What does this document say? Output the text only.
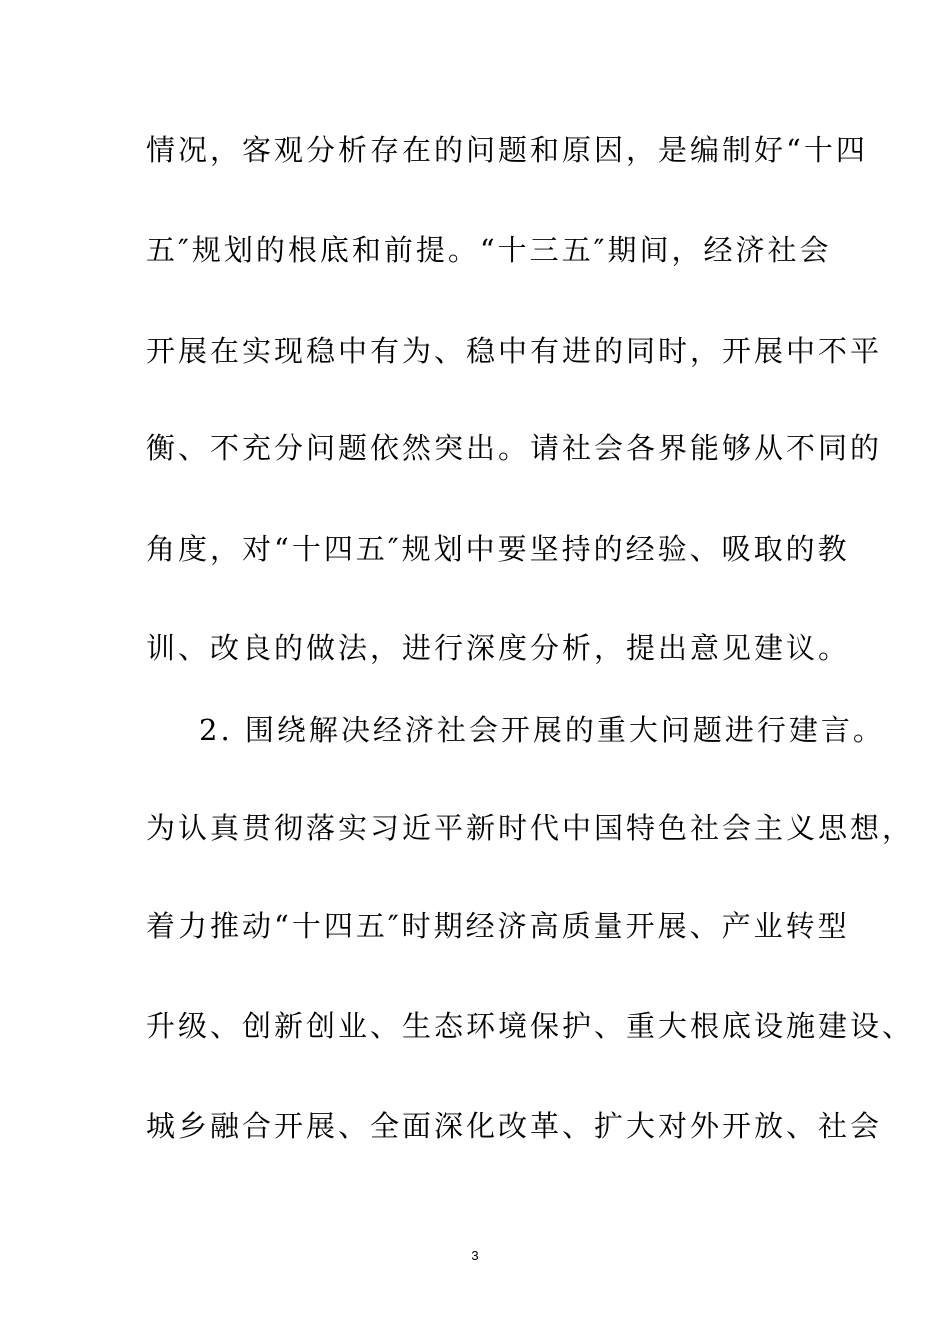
情况，客观分析存在的问题和原因，是编制好“十四
五″规划的根底和前提。“十三五″期间，经济社会
开展在实现稳中有为、稳中有进的同时，开展中不平
衡、不充分问题依然突出。请社会各界能够从不同的
角度，对“十四五″规划中要坚持的经验、吸取的教
训、改良的做法，进行深度分析，提出意见建议。
2. 围绕解决经济社会开展的重大问题进行建言。
为认真贯彻落实习近平新时代中国特色社会主义思想，
着力推动“十四五″时期经济高质量开展、产业转型
升级、创新创业、生态环境保护、重大根底设施建设、
城乡融合开展、全面深化改革、扩大对外开放、社会
3
